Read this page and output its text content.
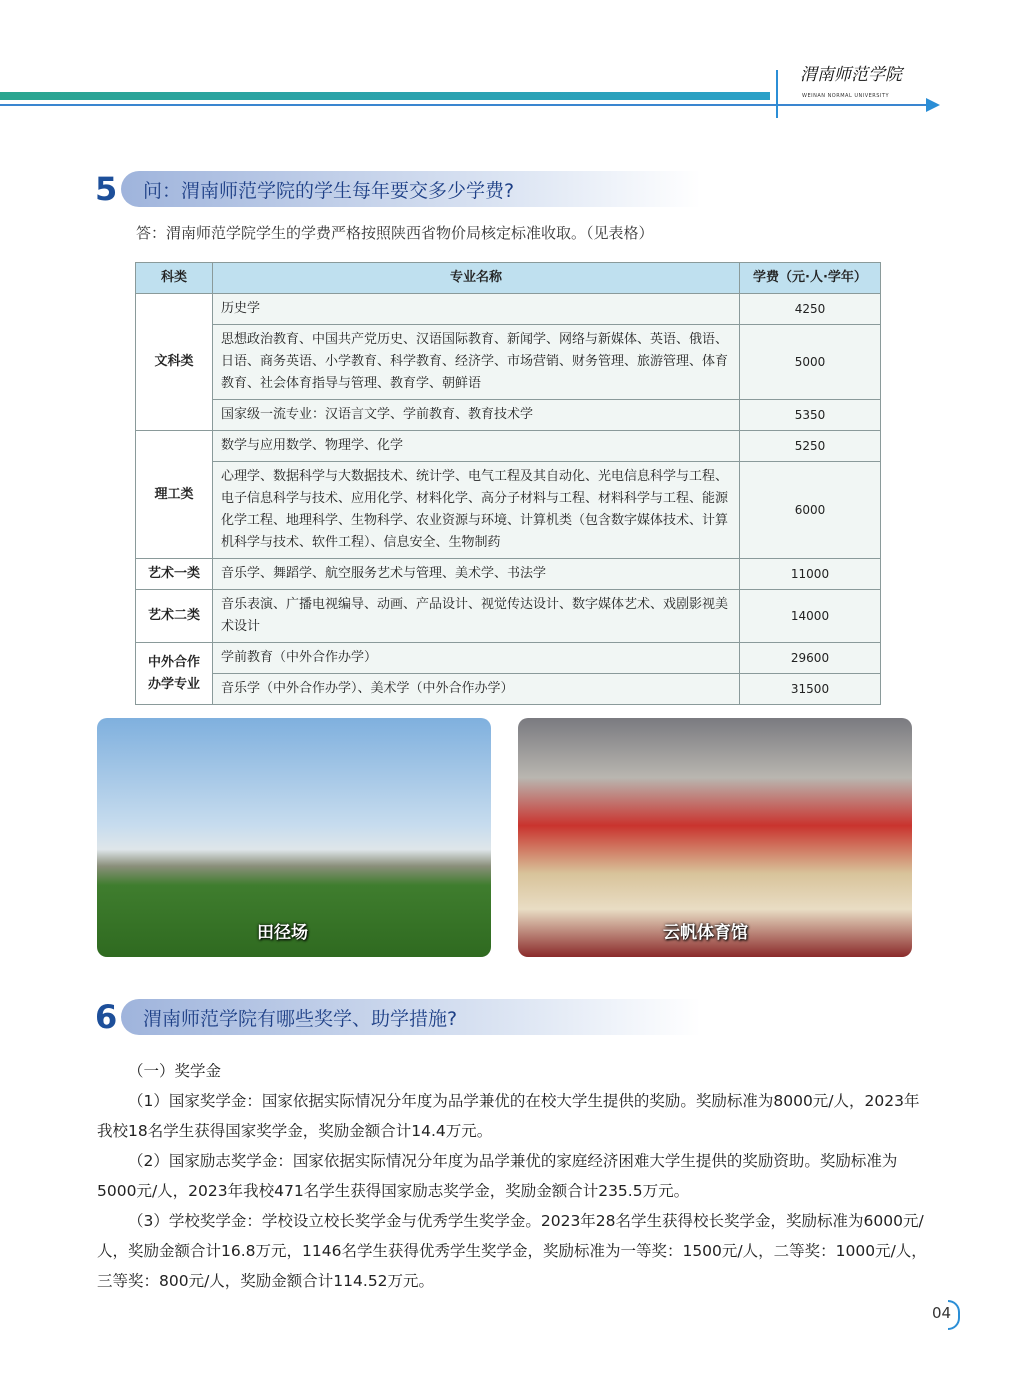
渭南师范学院
WEINAN NORMAL UNIVERSITY
5	问：渭南师范学院的学生每年要交多少学费?
答：渭南师范学院学生的学费严格按照陕西省物价局核定标准收取。（见表格）
科类	专业名称	学费（元·人·学年）
文科类	历史学	4250
	思想政治教育、中国共产党历史、汉语国际教育、新闻学、网络与新媒体、英语、俄语、日语、商务英语、小学教育、科学教育、经济学、市场营销、财务管理、旅游管理、体育教育、社会体育指导与管理、教育学、朝鲜语	5000
	国家级一流专业：汉语言文学、学前教育、教育技术学	5350
理工类	数学与应用数学、物理学、化学	5250
	心理学、数据科学与大数据技术、统计学、电气工程及其自动化、光电信息科学与工程、电子信息科学与技术、应用化学、材料化学、高分子材料与工程、材料科学与工程、能源化学工程、地理科学、生物科学、农业资源与环境、计算机类（包含数字媒体技术、计算机科学与技术、软件工程）、信息安全、生物制药	6000
艺术一类	音乐学、舞蹈学、航空服务艺术与管理、美术学、书法学	11000
艺术二类	音乐表演、广播电视编导、动画、产品设计、视觉传达设计、数字媒体艺术、戏剧影视美术设计	14000
中外合作办学专业	学前教育（中外合作办学）	29600
	音乐学（中外合作办学）、美术学（中外合作办学）	31500
田径场	云帆体育馆
6	渭南师范学院有哪些奖学、助学措施?

（一）奖学金

（1）国家奖学金：国家依据实际情况分年度为品学兼优的在校大学生提供的奖励。奖励标准为8000元/人，2023年我校18名学生获得国家奖学金，奖励金额合计14.4万元。

（2）国家励志奖学金：国家依据实际情况分年度为品学兼优的家庭经济困难大学生提供的奖励资助。奖励标准为5000元/人，2023年我校471名学生获得国家励志奖学金，奖励金额合计235.5万元。

（3）学校奖学金：学校设立校长奖学金与优秀学生奖学金。2023年28名学生获得校长奖学金，奖励标准为6000元/人，奖励金额合计16.8万元，1146名学生获得优秀学生奖学金，奖励标准为一等奖：1500元/人，二等奖：1000元/人，三等奖：800元/人，奖励金额合计114.52万元。

04
